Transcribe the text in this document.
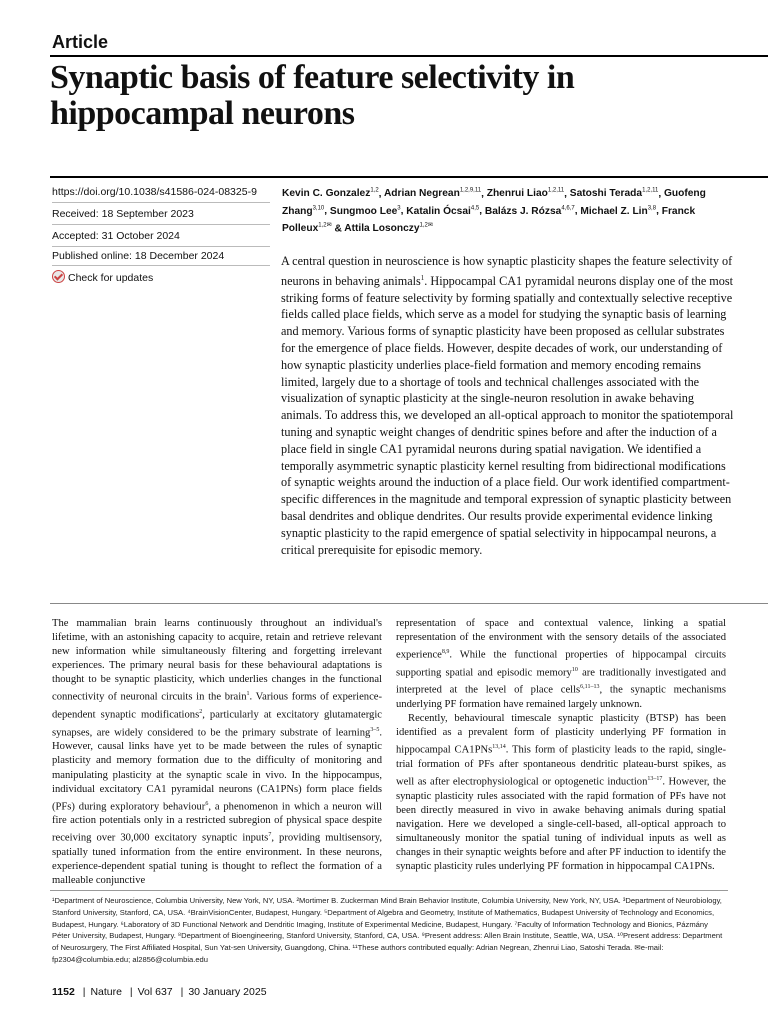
Article
Synaptic basis of feature selectivity in
hippocampal neurons
https://doi.org/10.1038/s41586-024-08325-9
Received: 18 September 2023
Accepted: 31 October 2024
Published online: 18 December 2024
Check for updates
Kevin C. Gonzalez$^{1,2}$, Adrian Negrean$^{1,2,9,11}$, Zhenrui Liao$^{1,2,11}$, Satoshi Terada$^{1,2,11}$, Guofeng Zhang$^{3,10}$, Sungmoo Lee$^3$, Katalin Ócsai$^{4,5}$, Balázs J. Rózsa$^{4,6,7}$, Michael Z. Lin$^{3,8}$, Franck Polleux$^{1,2✉}$ & Attila Losonczy$^{1,2✉}$
A central question in neuroscience is how synaptic plasticity shapes the feature selectivity of neurons in behaving animals$^1$. Hippocampal CA1 pyramidal neurons display one of the most striking forms of feature selectivity by forming spatially and contextually selective receptive fields called place fields, which serve as a model for studying the synaptic basis of learning and memory. Various forms of synaptic plasticity have been proposed as cellular substrates for the emergence of place fields. However, despite decades of work, our understanding of how synaptic plasticity underlies place-field formation and memory encoding remains limited, largely due to a shortage of tools and technical challenges associated with the visualization of synaptic plasticity at the single-neuron resolution in awake behaving animals. To address this, we developed an all-optical approach to monitor the spatiotemporal tuning and synaptic weight changes of dendritic spines before and after the induction of a place field in single CA1 pyramidal neurons during spatial navigation. We identified a temporally asymmetric synaptic plasticity kernel resulting from bidirectional modifications of synaptic weights around the induction of a place field. Our work identified compartment-specific differences in the magnitude and temporal expression of synaptic plasticity between basal dendrites and oblique dendrites. Our results provide experimental evidence linking synaptic plasticity to the rapid emergence of spatial selectivity in hippocampal neurons, a critical prerequisite for episodic memory.

The mammalian brain learns continuously throughout an individual's lifetime, with an astonishing capacity to acquire, retain and retrieve relevant new information while simultaneously filtering and forgetting irrelevant experiences. The primary neural basis for these behavioural adaptations is thought to be synaptic plasticity, which underlies changes in the functional connectivity of neuronal circuits in the brain$^1$. Various forms of experience-dependent synaptic modifications$^2$, particularly at excitatory glutamatergic synapses, are widely considered to be the primary substrate of learning$^{3-5}$. However, causal links have yet to be made between the rules of synaptic plasticity and memory formation due to the difficulty of monitoring and manipulating plasticity at the synaptic scale in vivo. In the hippocampus, individual excitatory CA1 pyramidal neurons (CA1PNs) form place fields (PFs) during exploratory behaviour$^6$, a phenomenon in which a neuron will fire action potentials only in a restricted subregion of physical space despite receiving over 30,000 excitatory synaptic inputs$^7$, providing multisensory, spatially tuned information from the entire environment. In these neurons, experience-dependent spatial tuning is thought to reflect the formation of a malleable conjunctive

representation of space and contextual valence, linking a spatial representation of the environment with the sensory details of the associated experience$^{8,9}$. While the functional properties of hippocampal circuits supporting spatial and episodic memory$^{10}$ are traditionally investigated and interpreted at the level of place cells$^{6,11-13}$, the synaptic mechanisms underlying PF formation have remained largely unknown.

Recently, behavioural timescale synaptic plasticity (BTSP) has been identified as a prevalent form of plasticity underlying PF formation in hippocampal CA1PNs$^{13,14}$. This form of plasticity leads to the rapid, single-trial formation of PFs after spontaneous dendritic plateau-burst spikes, as well as after electrophysiological or optogenetic induction$^{13-17}$. However, the synaptic plasticity rules associated with the rapid formation of PFs have not been directly measured in vivo in awake behaving animals during spatial navigation. Here we developed a single-cell-based, all-optical approach to simultaneously monitor the spatial tuning of individual inputs as well as changes in their synaptic weights before and after PF induction to identify the synaptic plasticity rules underlying PF formation in hippocampal CA1PNs.

¹Department of Neuroscience, Columbia University, New York, NY, USA. ²Mortimer B. Zuckerman Mind Brain Behavior Institute, Columbia University, New York, NY, USA. ³Department of Neurobiology, Stanford University, Stanford, CA, USA. ⁴BrainVisionCenter, Budapest, Hungary. ⁵Department of Algebra and Geometry, Institute of Mathematics, Budapest University of Technology and Economics, Budapest, Hungary. ⁶Laboratory of 3D Functional Network and Dendritic Imaging, Institute of Experimental Medicine, Budapest, Hungary. ⁷Faculty of Information Technology and Bionics, Pázmány Péter University, Budapest, Hungary. ⁸Department of Bioengineering, Stanford University, Stanford, CA, USA. ⁹Present address: Allen Brain Institute, Seattle, WA, USA. ¹⁰Present address: Department of Neurosurgery, The First Affiliated Hospital, Sun Yat-sen University, Guangdong, China. ¹¹These authors contributed equally: Adrian Negrean, Zhenrui Liao, Satoshi Terada. ✉e-mail: fp2304@columbia.edu; al2856@columbia.edu
1152 | Nature | Vol 637 | 30 January 2025
